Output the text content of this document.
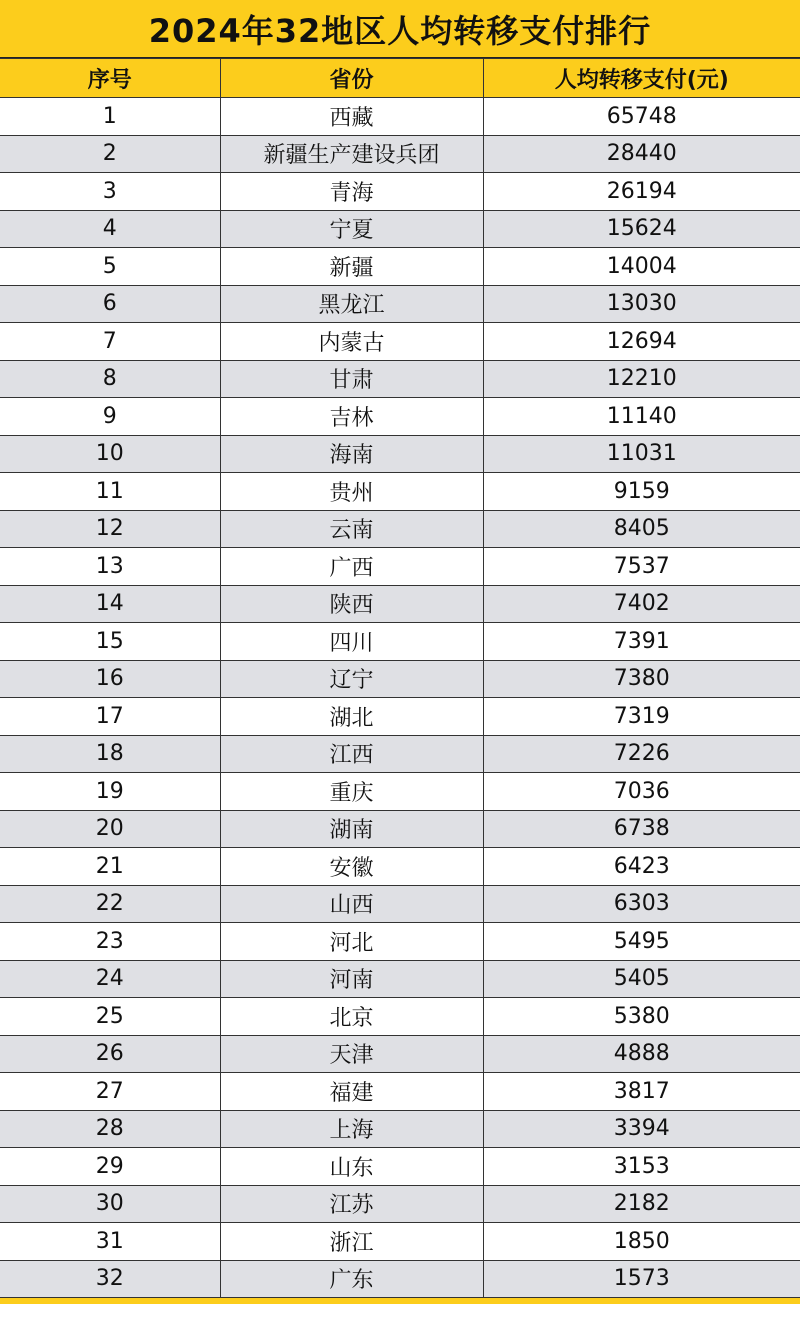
2024年32地区人均转移支付排行
序号	省份	人均转移支付(元)
1	西藏	65748
2	新疆生产建设兵团	28440
3	青海	26194
4	宁夏	15624
5	新疆	14004
6	黑龙江	13030
7	内蒙古	12694
8	甘肃	12210
9	吉林	11140
10	海南	11031
11	贵州	9159
12	云南	8405
13	广西	7537
14	陕西	7402
15	四川	7391
16	辽宁	7380
17	湖北	7319
18	江西	7226
19	重庆	7036
20	湖南	6738
21	安徽	6423
22	山西	6303
23	河北	5495
24	河南	5405
25	北京	5380
26	天津	4888
27	福建	3817
28	上海	3394
29	山东	3153
30	江苏	2182
31	浙江	1850
32	广东	1573
